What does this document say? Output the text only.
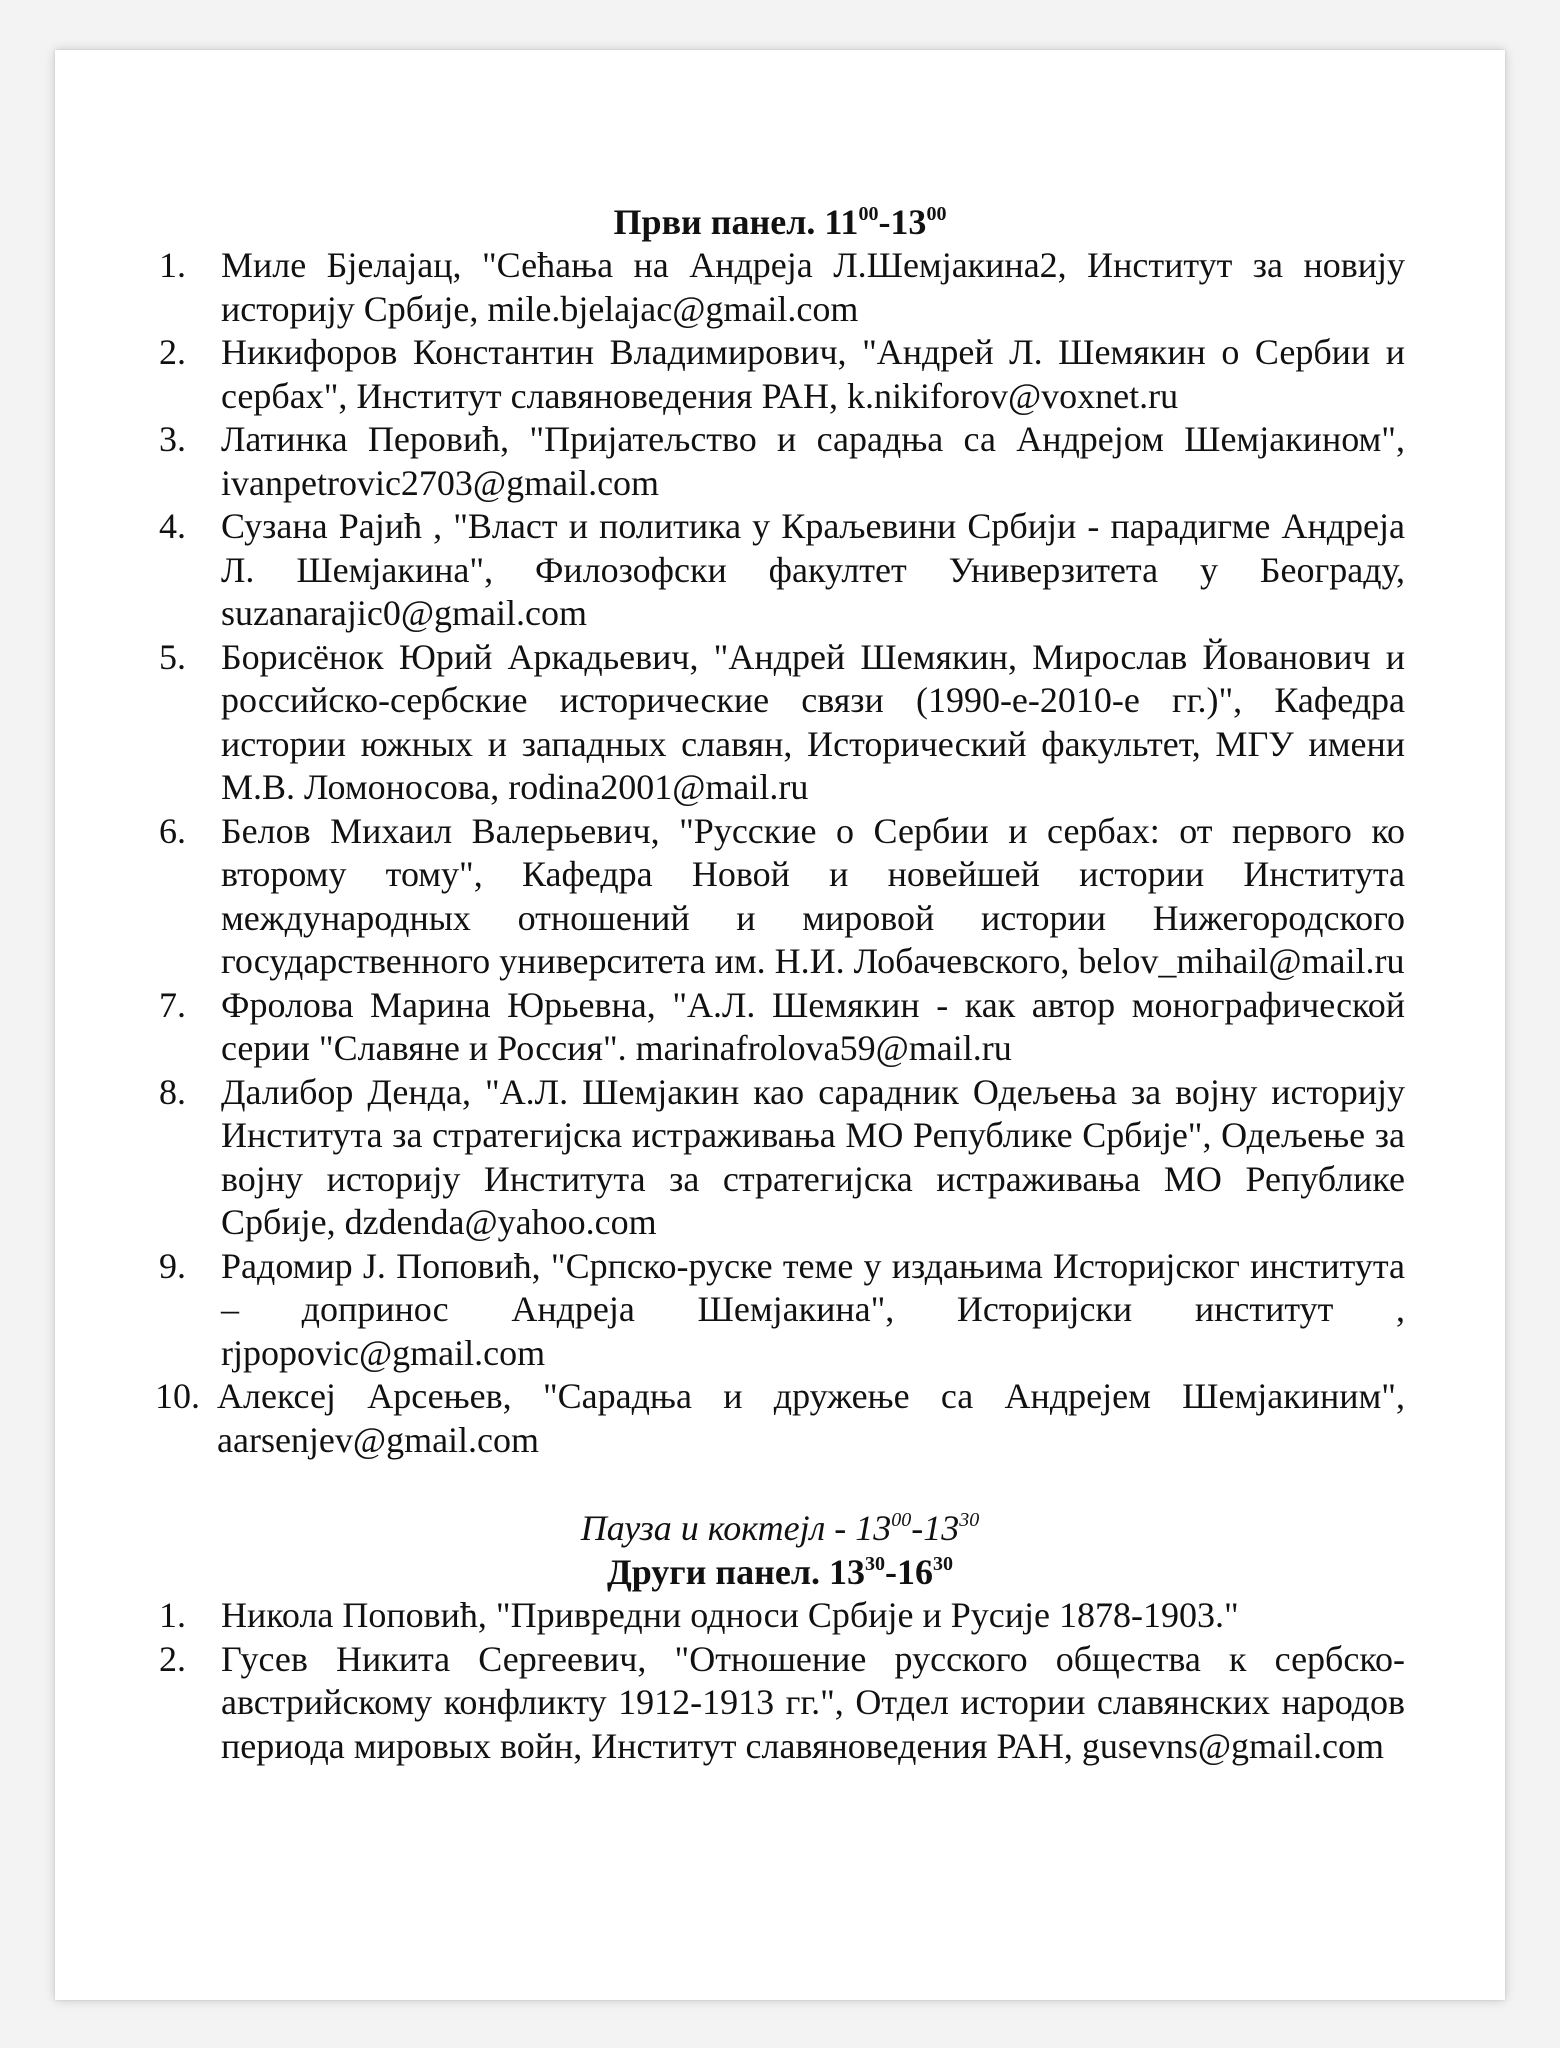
Први панел. $11^{00}-13^{00}$
1. Миле Бјелајац, "Сећања на Андреја Л.Шемјакина2, Институт за новију историју Србије, mile.bjelajac@gmail.com
2. Никифоров Константин Владимирович, "Андрей Л. Шемякин о Сербии и сербах", Институт славяноведения РАН, k.nikiforov@voxnet.ru
3. Латинка Перовић, "Пријатељство и сарадња са Андрејом Шемјакином", ivanpetrovic2703@gmail.com
4. Сузана Рајић , "Власт и политика у Краљевини Србији - парадигме Андреја Л. Шемјакина", Филозофски факултет Универзитета у Београду, suzanarajic0@gmail.com
5. Борисёнок Юрий Аркадьевич, "Андрей Шемякин, Мирослав Йованович и российско-сербские исторические связи (1990-е-2010-е гг.)", Кафедра истории южных и западных славян, Исторический факультет, МГУ имени М.В. Ломоносова, rodina2001@mail.ru
6. Белов Михаил Валерьевич, "Русские о Сербии и сербах: от первого ко второму тому", Кафедра Новой и новейшей истории Института международных отношений и мировой истории Нижегородского государственного университета им. Н.И. Лобачевского, belov_mihail@mail.ru
7. Фролова Марина Юрьевна, "А.Л. Шемякин - как автор монографической серии "Славяне и Россия". marinafrolova59@mail.ru
8. Далибор Денда, "А.Л. Шемјакин као сарадник Одељења за војну историју Института за стратегијска истраживања МО Републике Србије", Одељење за војну историју Института за стратегијска истраживања МО Републике Србије, dzdenda@yahoo.com
9. Радомир Ј. Поповић, "Српско-руске теме у издањима Историјског института – допринос Андреја Шемјакина", Историјски институт , rjpopovic@gmail.com
10. Алексеј Арсењев, "Сарадња и дружење са Андрејем Шемјакиним", aarsenjev@gmail.com

Пауза и коктејл - $13^{00}-13^{30}$

Други панел. $13^{30}-16^{30}$
1. Никола Поповић, "Привредни односи Србије и Русије 1878-1903."
2. Гусев Никита Сергеевич, "Отношение русского общества к сербско-австрийскому конфликту 1912-1913 гг.", Отдел истории славянских народов периода мировых войн, Институт славяноведения РАН, gusevns@gmail.com
